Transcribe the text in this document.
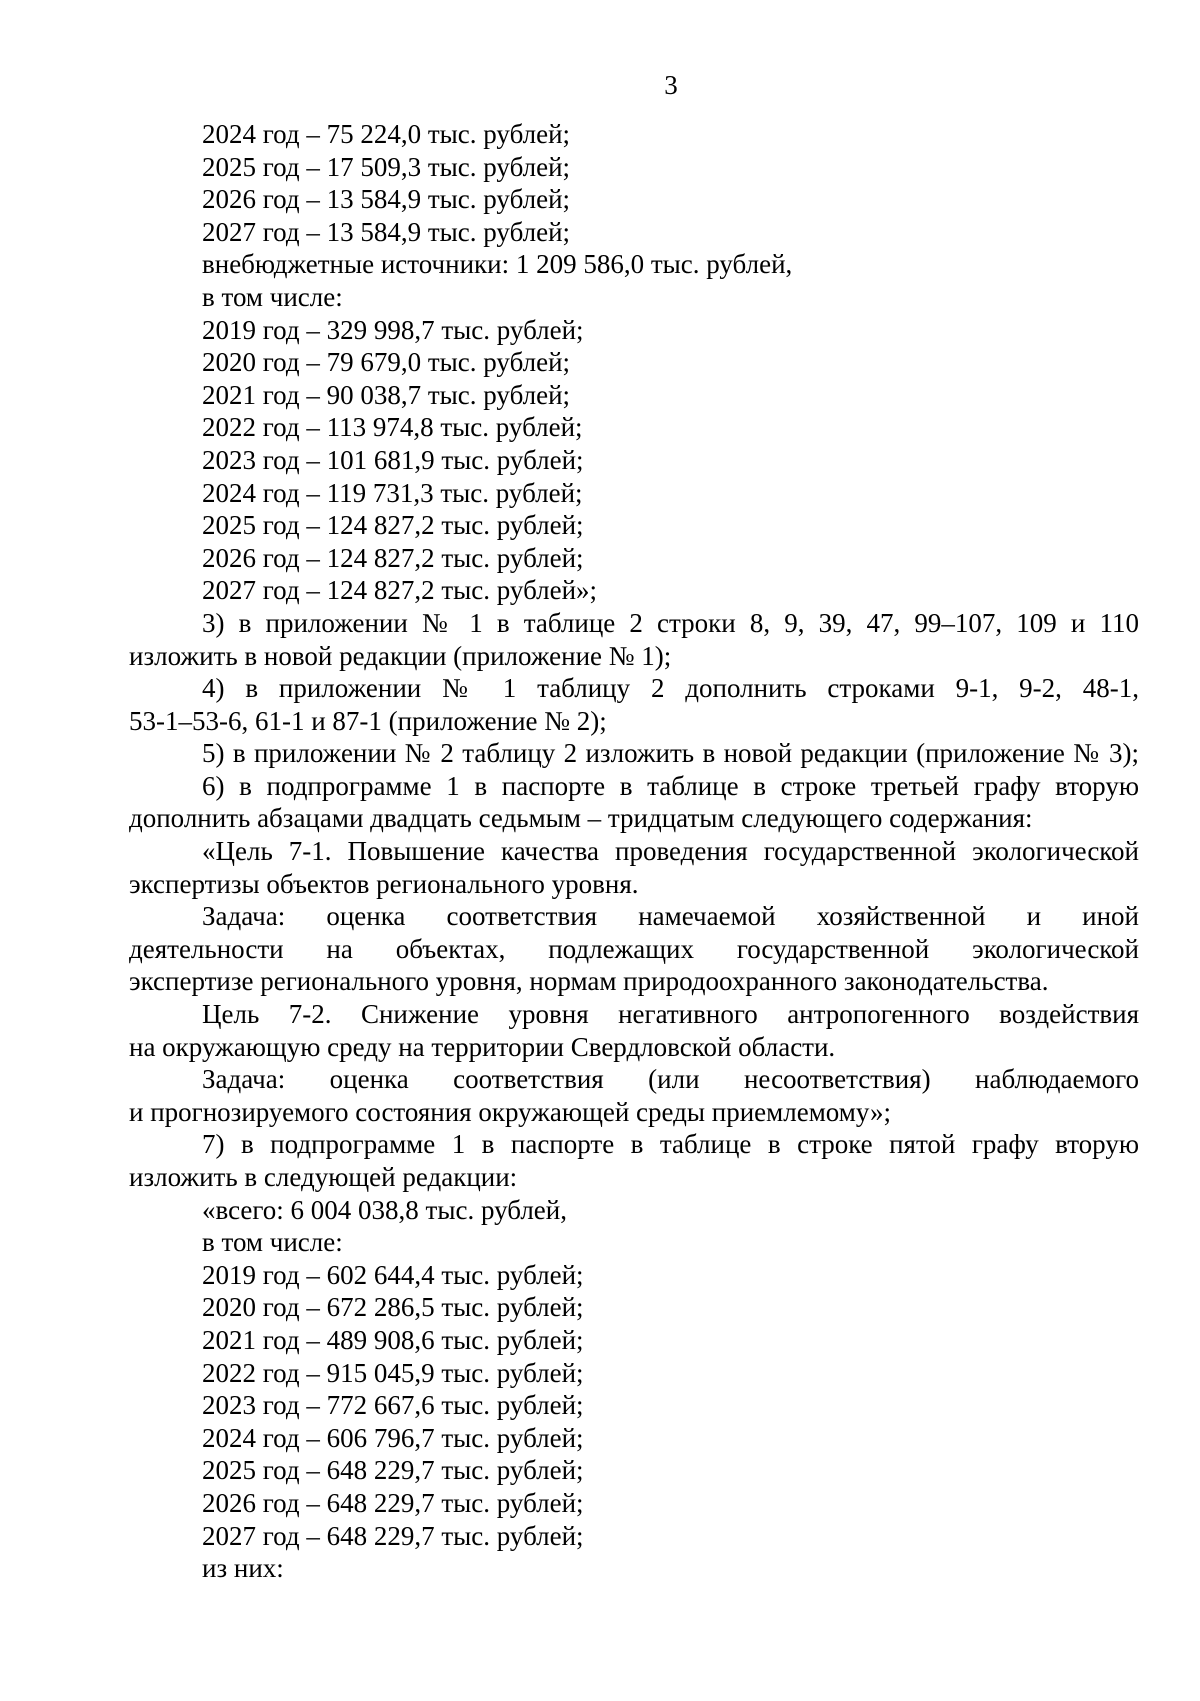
3
2024 год – 75 224,0 тыс. рублей;
2025 год – 17 509,3 тыс. рублей;
2026 год – 13 584,9 тыс. рублей;
2027 год – 13 584,9 тыс. рублей;
внебюджетные источники: 1 209 586,0 тыс. рублей,
в том числе:
2019 год – 329 998,7 тыс. рублей;
2020 год – 79 679,0 тыс. рублей;
2021 год – 90 038,7 тыс. рублей;
2022 год – 113 974,8 тыс. рублей;
2023 год – 101 681,9 тыс. рублей;
2024 год – 119 731,3 тыс. рублей;
2025 год – 124 827,2 тыс. рублей;
2026 год – 124 827,2 тыс. рублей;
2027 год – 124 827,2 тыс. рублей»;
3) в приложении № 1 в таблице 2 строки 8, 9, 39, 47, 99–107, 109 и 110
изложить в новой редакции (приложение № 1);
4) в приложении № 1 таблицу 2 дополнить строками 9-1, 9-2, 48-1,
53-1–53-6, 61-1 и 87-1 (приложение № 2);
5) в приложении № 2 таблицу 2 изложить в новой редакции (приложение № 3);
6) в подпрограмме 1 в паспорте в таблице в строке третьей графу вторую
дополнить абзацами двадцать седьмым – тридцатым следующего содержания:
«Цель 7-1. Повышение качества проведения государственной экологической
экспертизы объектов регионального уровня.
Задача: оценка соответствия намечаемой хозяйственной и иной
деятельности на объектах, подлежащих государственной экологической
экспертизе регионального уровня, нормам природоохранного законодательства.
Цель 7-2. Снижение уровня негативного антропогенного воздействия
на окружающую среду на территории Свердловской области.
Задача: оценка соответствия (или несоответствия) наблюдаемого
и прогнозируемого состояния окружающей среды приемлемому»;
7) в подпрограмме 1 в паспорте в таблице в строке пятой графу вторую
изложить в следующей редакции:
«всего: 6 004 038,8 тыс. рублей,
в том числе:
2019 год – 602 644,4 тыс. рублей;
2020 год – 672 286,5 тыс. рублей;
2021 год – 489 908,6 тыс. рублей;
2022 год – 915 045,9 тыс. рублей;
2023 год – 772 667,6 тыс. рублей;
2024 год – 606 796,7 тыс. рублей;
2025 год – 648 229,7 тыс. рублей;
2026 год – 648 229,7 тыс. рублей;
2027 год – 648 229,7 тыс. рублей;
из них:
